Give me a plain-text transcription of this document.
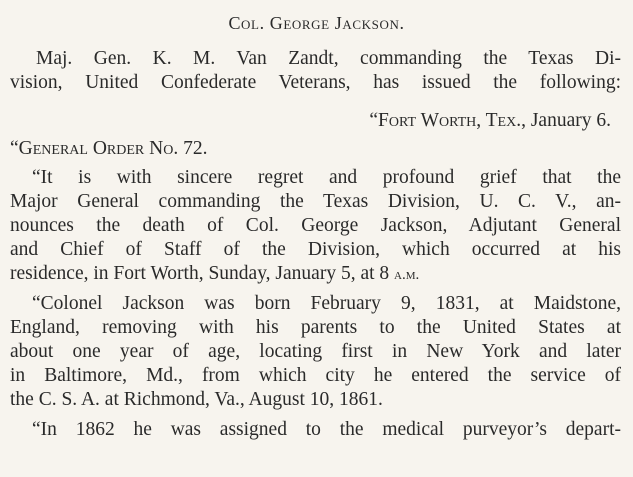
Col. George Jackson.
Maj. Gen. K. M. Van Zandt, commanding the Texas Di-
vision, United Confederate Veterans, has issued the following:
“Fort Worth, Tex., January 6.
“General Order No. 72.
“It is with sincere regret and profound grief that the
Major General commanding the Texas Division, U. C. V., an-
nounces the death of Col. George Jackson, Adjutant General
and Chief of Staff of the Division, which occurred at his
residence, in Fort Worth, Sunday, January 5, at 8 a.m.
“Colonel Jackson was born February 9, 1831, at Maidstone,
England, removing with his parents to the United States at
about one year of age, locating first in New York and later
in Baltimore, Md., from which city he entered the service of
the C. S. A. at Richmond, Va., August 10, 1861.
“In 1862 he was assigned to the medical purveyor’s depart-
